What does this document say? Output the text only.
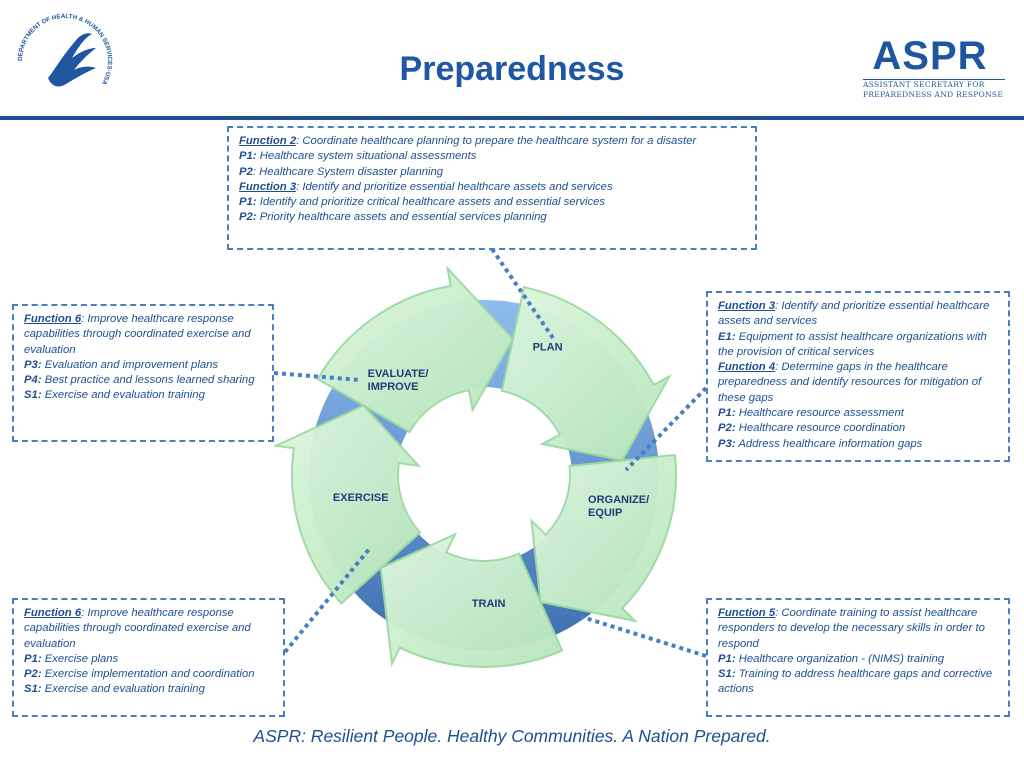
DEPARTMENT OF HEALTH & HUMAN SERVICES·USA	Preparedness	ASPR
ASSISTANT SECRETARY FOR
PREPAREDNESS AND RESPONSE
PLAN
ORGANIZE/ EQUIP
TRAIN
EXERCISE
EVALUATE/ IMPROVE

Function 2: Coordinate healthcare planning to prepare the healthcare system for a disaster

P1: Healthcare system situational assessments

P2: Healthcare System disaster planning

Function 3: Identify and prioritize essential healthcare assets and services

P1: Identify and prioritize critical healthcare assets and essential services

P2: Priority healthcare assets and essential services planning

Function 3: Identify and prioritize essential healthcare assets and services

E1: Equipment to assist healthcare organizations with the provision of critical services

Function 4: Determine gaps in the healthcare preparedness and identify resources for mitigation of these gaps

P1: Healthcare resource assessment

P2: Healthcare resource coordination

P3: Address healthcare information gaps

Function 6: Improve healthcare response capabilities through coordinated exercise and evaluation

P3: Evaluation and improvement plans

P4: Best practice and lessons learned sharing

S1: Exercise and evaluation training

Function 6: Improve healthcare response capabilities through coordinated exercise and evaluation

P1: Exercise plans

P2: Exercise implementation and coordination

S1: Exercise and evaluation training

Function 5: Coordinate training to assist healthcare responders to develop the necessary skills in order to respond

P1: Healthcare organization - (NIMS) training

S1: Training to address healthcare gaps and corrective actions

ASPR: Resilient People. Healthy Communities. A Nation Prepared.
